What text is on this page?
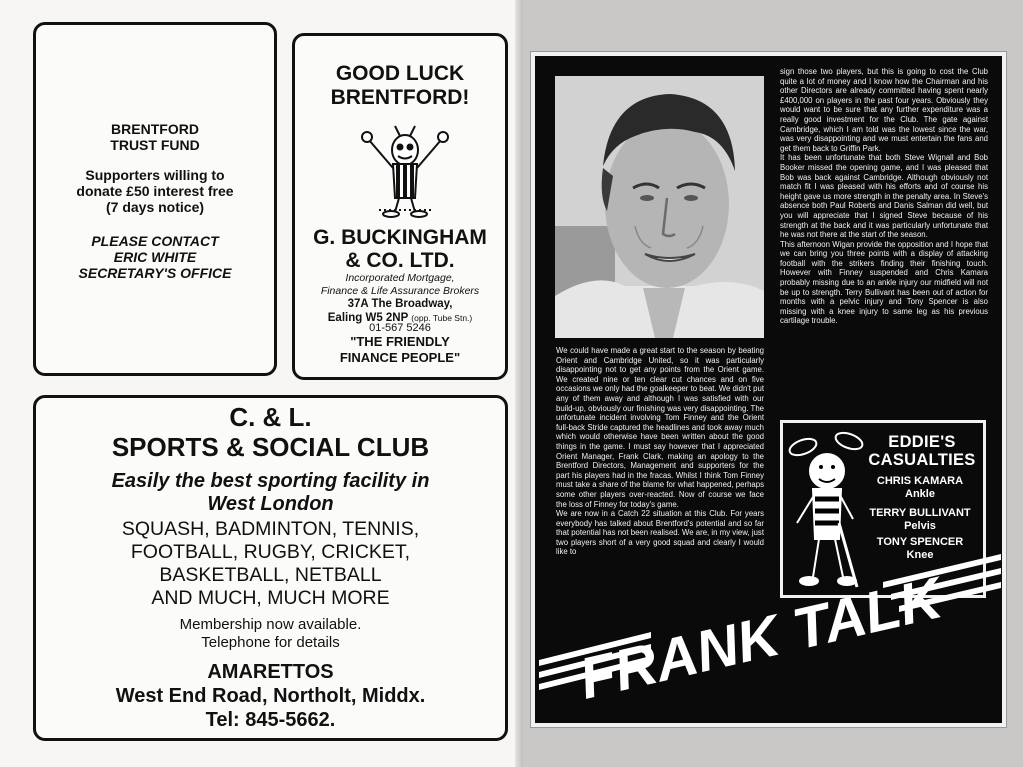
BRENTFORD
TRUST FUND
Supporters willing to
donate £50 interest free
(7 days notice)
PLEASE CONTACT
ERIC WHITE
SECRETARY'S OFFICE
GOOD LUCK
BRENTFORD!
G. BUCKINGHAM
& CO. LTD.
Incorporated Mortgage,
Finance & Life Assurance Brokers
37A The Broadway,
Ealing W5 2NP (opp. Tube Stn.)
01-567 5246
"THE FRIENDLY
FINANCE PEOPLE"
C. & L.
SPORTS & SOCIAL CLUB
Easily the best sporting facility in
West London
SQUASH, BADMINTON, TENNIS,
FOOTBALL, RUGBY, CRICKET,
BASKETBALL, NETBALL
AND MUCH, MUCH MORE
Membership now available.
Telephone for details
AMARETTOS
West End Road, Northolt, Middx.
Tel: 845-5662.

We could have made a great start to the season by beating Orient and Cambridge United, so it was particularly disappointing not to get any points from the Orient game. We created nine or ten clear cut chances and on five occasions we only had the goalkeeper to beat. We didn't put any of them away and although I was satisfied with our build-up, obviously our finishing was very disappointing. The unfortunate incident involving Tom Finney and the Orient full-back Stride captured the headlines and took away much which would otherwise have been written about the good things in the game. I must say however that I appreciated Orient Manager, Frank Clark, making an apology to the Brentford Directors, Management and supporters for the part his players had in the fracas. Whilst I think Tom Finney must take a share of the blame for what happened, perhaps some other players over-reacted. Now of course we face the loss of Finney for today's game.

We are now in a Catch 22 situation at this Club. For years everybody has talked about Brentford's potential and so far that potential has not been realised. We are, in my view, just two players short of a very good squad and clearly I would like to

sign those two players, but this is going to cost the Club quite a lot of money and I know how the Chairman and his other Directors are already committed having spent nearly £400,000 on players in the past four years. Obviously they would want to be sure that any further expenditure was a really good investment for the Club. The gate against Cambridge, which I am told was the lowest since the war, was very disappointing and we must entertain the fans and get them back to Griffin Park.

It has been unfortunate that both Steve Wignall and Bob Booker missed the opening game, and I was pleased that Bob was back against Cambridge. Although obviously not match fit I was pleased with his efforts and of course his height gave us more strength in the penalty area. In Steve's absence both Paul Roberts and Danis Salman did well, but you will appreciate that I signed Steve because of his strength at the back and it was particularly unfortunate that he was not there at the start of the season.

This afternoon Wigan provide the opposition and I hope that we can bring you three points with a display of attacking football with the strikers finding their finishing touch. However with Finney suspended and Chris Kamara probably missing due to an ankle injury our midfield will not be up to strength. Terry Bullivant has been out of action for months with a pelvic injury and Tony Spencer is also missing with a knee injury to same leg as his previous cartilage trouble.

EDDIE'S
CASUALTIES
CHRIS KAMARA
Ankle
TERRY BULLIVANT
Pelvis
TONY SPENCER
Knee
FRANK TALK
